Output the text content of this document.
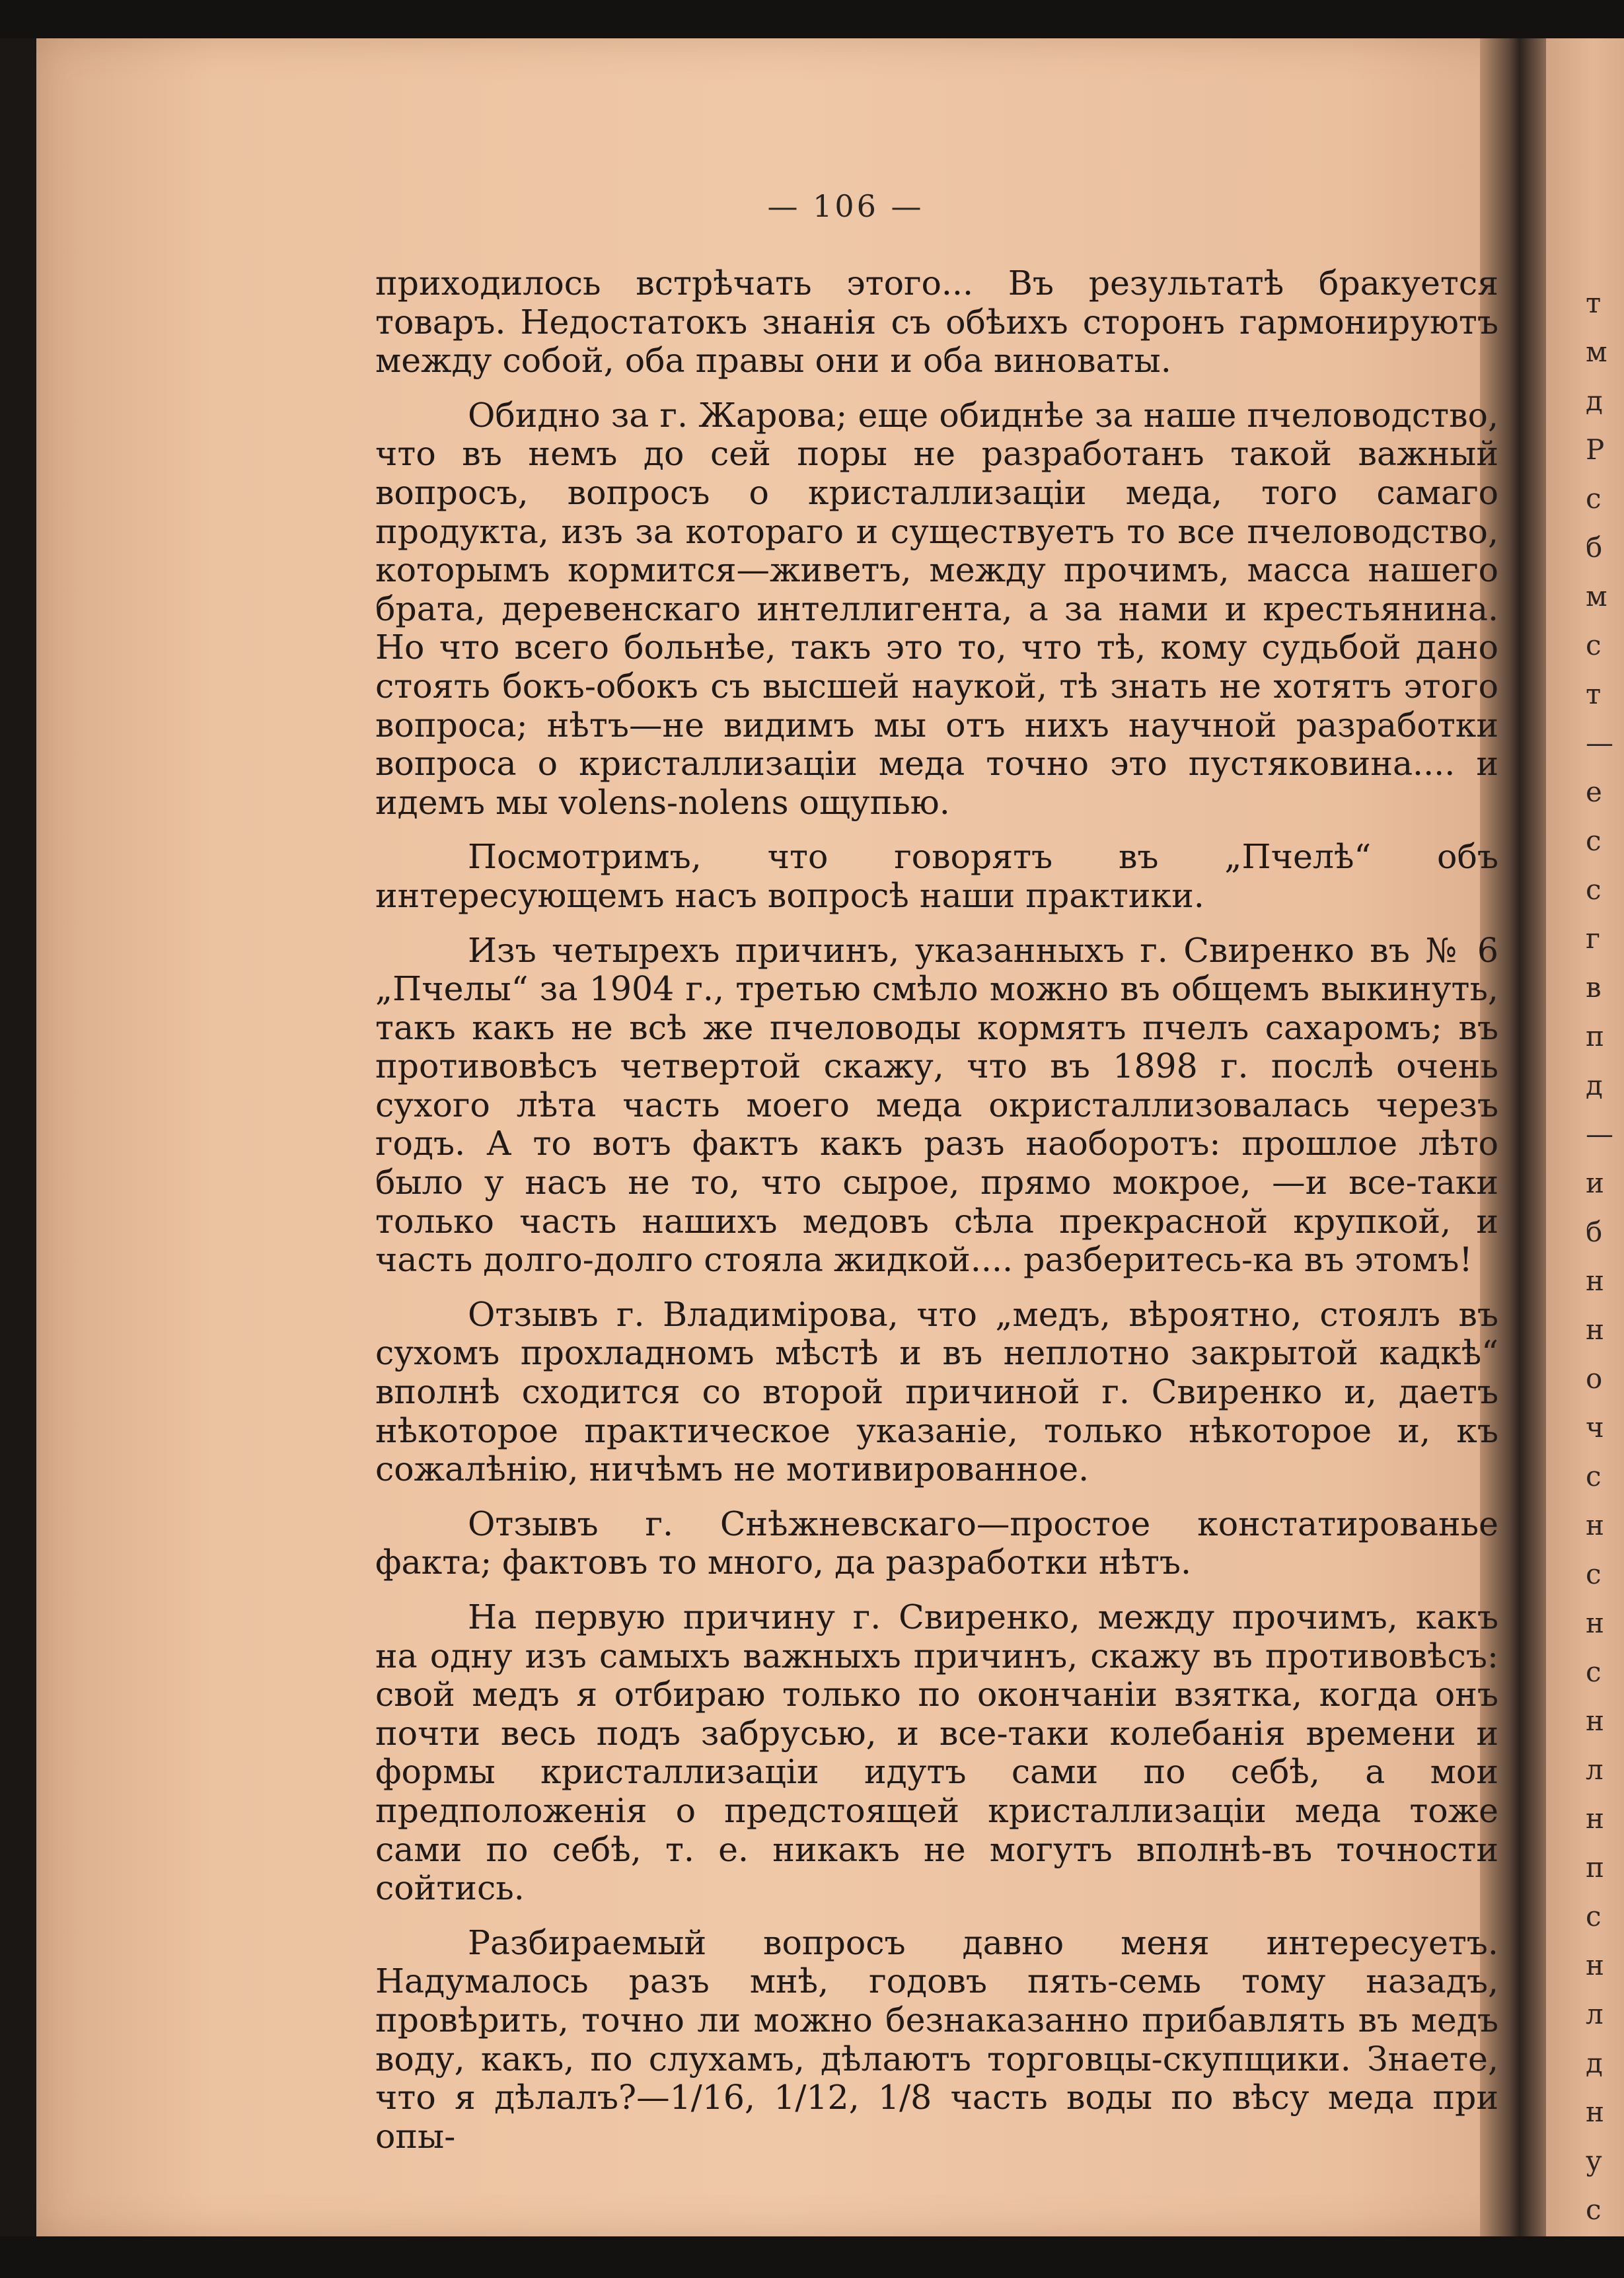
т
м
д
Р
с
б
м
с
т
—
е
с
с
г
в
п
д
—
и
б
н
н
о
ч
с
н
с
н
с
н
л
н
п
с
н
л
д
н
у
с
— 106 —

приходилось встрѣчать этого... Въ результатѣ бракуется товаръ. Недостатокъ знанія съ обѣихъ сторонъ гармонируютъ между собой, оба правы они и оба виноваты.

Обидно за г. Жарова; еще обиднѣе за наше пчеловодство, что въ немъ до сей поры не разработанъ такой важный вопросъ, вопросъ о кристаллизаціи меда, того самаго продукта, изъ за котораго и существуетъ то все пчеловодство, которымъ кормится—живетъ, между прочимъ, масса нашего брата, деревенскаго интеллигента, а за нами и крестьянина. Но что всего больнѣе, такъ это то, что тѣ, кому судьбой дано стоять бокъ-обокъ съ высшей наукой, тѣ знать не хотятъ этого вопроса; нѣтъ—не видимъ мы отъ нихъ научной разработки вопроса о кристаллизаціи меда точно это пустяковина.... и идемъ мы volens-nolens ощупью.

Посмотримъ, что говорятъ въ „Пчелѣ“ объ интересующемъ насъ вопросѣ наши практики.

Изъ четырехъ причинъ, указанныхъ г. Свиренко въ № 6 „Пчелы“ за 1904 г., третью смѣло можно въ общемъ выкинуть, такъ какъ не всѣ же пчеловоды кормятъ пчелъ сахаромъ; въ противовѣсъ четвертой скажу, что въ 1898 г. послѣ очень сухого лѣта часть моего меда окристаллизовалась черезъ годъ. А то вотъ фактъ какъ разъ наоборотъ: прошлое лѣто было у насъ не то, что сырое, прямо мокрое, —и все-таки только часть нашихъ медовъ сѣла прекрасной крупкой, и часть долго-долго стояла жидкой.... разберитесь-ка въ этомъ!

Отзывъ г. Владимірова, что „медъ, вѣроятно, стоялъ въ сухомъ прохладномъ мѣстѣ и въ неплотно закрытой кадкѣ“ вполнѣ сходится со второй причиной г. Свиренко и, даетъ нѣкоторое практическое указаніе, только нѣкоторое и, къ сожалѣнію, ничѣмъ не мотивированное.

Отзывъ г. Снѣжневскаго—простое констатированье факта; фактовъ то много, да разработки нѣтъ.

На первую причину г. Свиренко, между прочимъ, какъ на одну изъ самыхъ важныхъ причинъ, скажу въ противовѣсъ: свой медъ я отбираю только по окончаніи взятка, когда онъ почти весь подъ забрусью, и все-таки колебанія времени и формы кристаллизаціи идутъ сами по себѣ, а мои предположенія о предстоящей кристаллизаціи меда тоже сами по себѣ, т. е. никакъ не могутъ вполнѣ-въ точности сойтись.

Разбираемый вопросъ давно меня интересуетъ. Надумалось разъ мнѣ, годовъ пять-семь тому назадъ, провѣрить, точно ли можно безнаказанно прибавлять въ медъ воду, какъ, по слухамъ, дѣлаютъ торговцы-скупщики. Знаете, что я дѣлалъ?—1/16, 1/12, 1/8 часть воды по вѣсу меда при опы-
